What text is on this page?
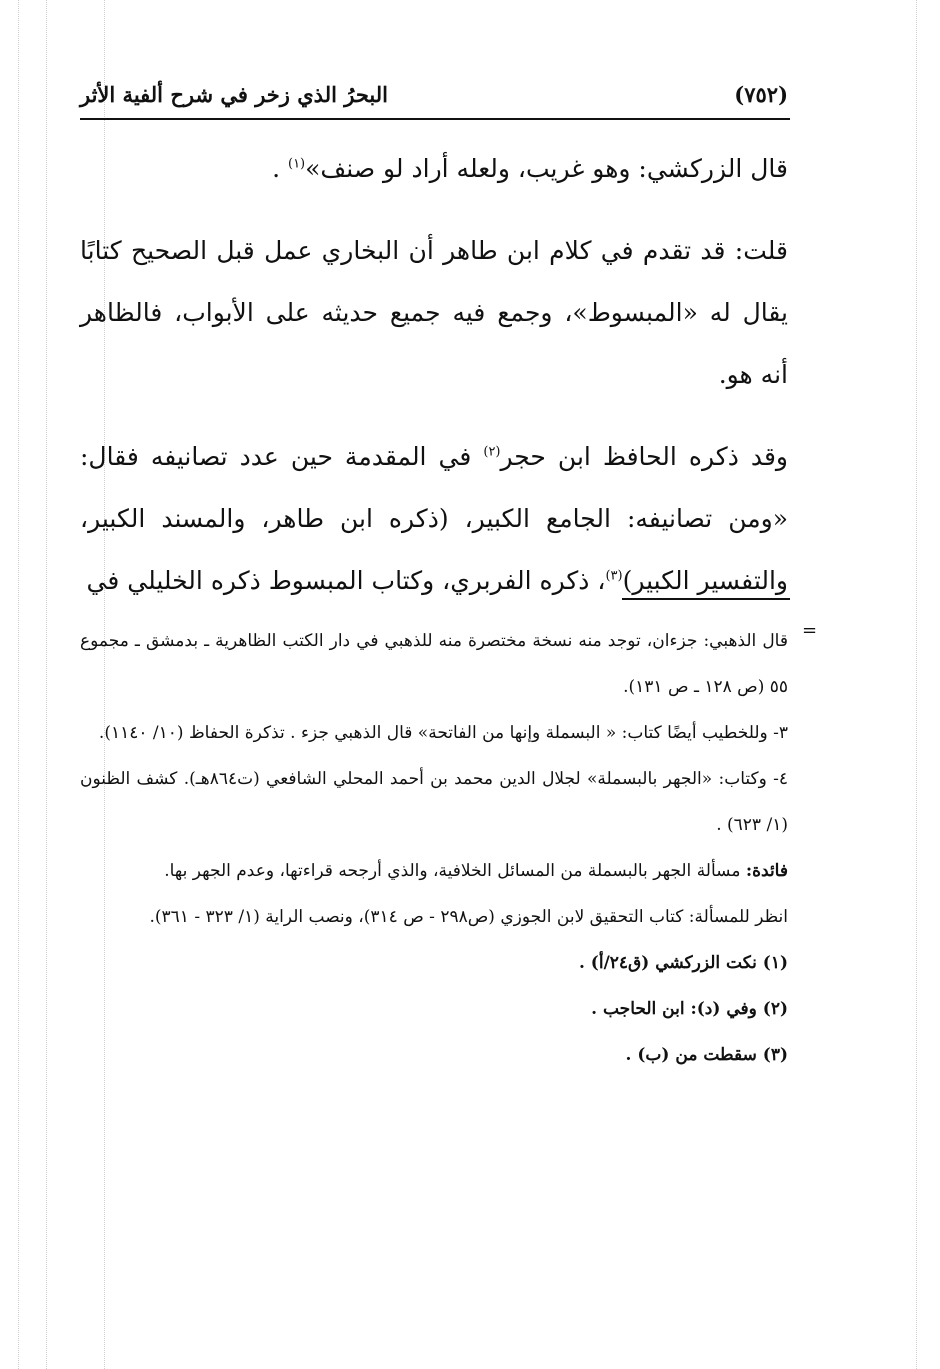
(٧٥٢)
البحرُ الذي زخر في شرح ألفية الأثر

قال الزركشي: وهو غريب، ولعله أراد لو صنف»$^{(١)}$ .

قلت: قد تقدم في كلام ابن طاهر أن البخاري عمل قبل الصحيح كتابًا يقال له «المبسوط»، وجمع فيه جميع حديثه على الأبواب، فالظاهر أنه هو.

وقد ذكره الحافظ ابن حجر$^{(٢)}$ في المقدمة حين عدد تصانيفه فقال: «ومن تصانيفه: الجامع الكبير، (ذكره ابن طاهر، والمسند الكبير، والتفسير الكبير)$^{(٣)}$، ذكره الفربري، وكتاب المبسوط ذكره الخليلي في

=

قال الذهبي: جزءان، توجد منه نسخة مختصرة منه للذهبي في دار الكتب الظاهرية ـ بدمشق ـ مجموع ٥٥ (ص ١٢٨ ـ ص ١٣١).

٣- وللخطيب أيضًا كتاب: « البسملة وإنها من الفاتحة» قال الذهبي جزء . تذكرة الحفاظ (١٠/ ١١٤٠).

٤- وكتاب: «الجهر بالبسملة» لجلال الدين محمد بن أحمد المحلي الشافعي (ت٨٦٤هـ). كشف الظنون (١/ ٦٢٣) .

فائدة: مسألة الجهر بالبسملة من المسائل الخلافية، والذي أرجحه قراءتها، وعدم الجهر بها.

انظر للمسألة: كتاب التحقيق لابن الجوزي (ص٢٩٨ - ص ٣١٤)، ونصب الراية (١/ ٣٢٣ - ٣٦١).

(١) نكت الزركشي (ق٢٤/أ) .

(٢) وفي (د): ابن الحاجب .

(٣) سقطت من (ب) .
